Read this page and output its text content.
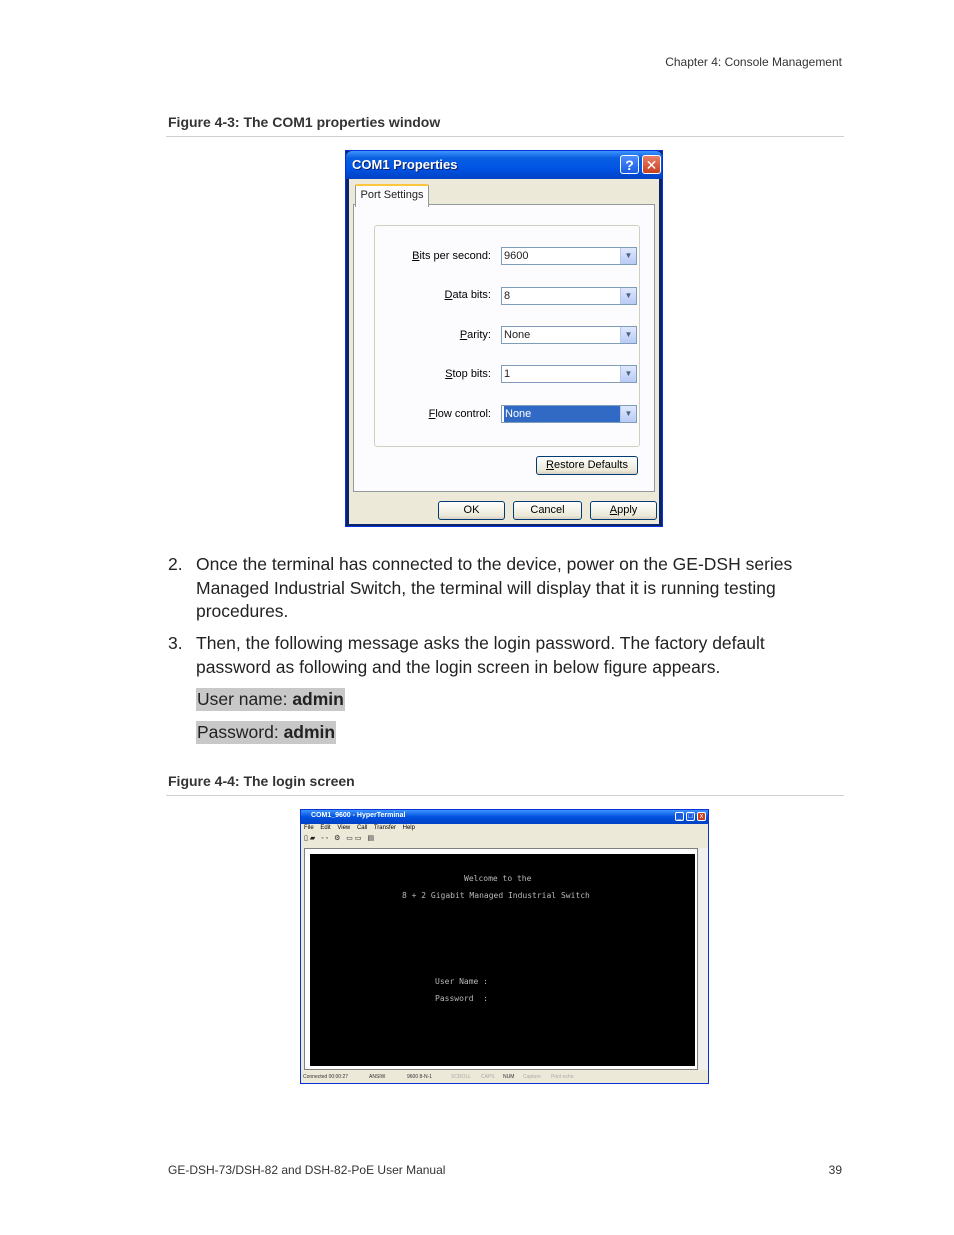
Chapter 4: Console Management
Figure 4-3: The COM1 properties window
COM1 Properties	? ✕
Port Settings
Bits per second: 9600	▼
Data bits: 8	▼
Parity: None	▼
Stop bits: 1	▼
Flow control: None	▼
Restore Defaults
OK	Cancel	Apply
2. Once the terminal has connected to the device, power on the GE-DSH series Managed Industrial Switch, the terminal will display that it is running testing procedures.
3. Then, the following message asks the login password. The factory default password as following and the login screen in below figure appears.
User name: admin
Password: admin
Figure 4-4: The login screen
COM1_9600 - HyperTerminal	_ □	x
File Edit View Call Transfer Help
▯▰ ◦◦ ⚙ ▭▭ ▤
Welcome to the
8 + 2 Gigabit Managed Industrial Switch
User Name :
Password  :
Connected 00:00:27	ANSIW	9600 8-N-1	SCROLL CAPS NUM Capture Print echo
GE-DSH-73/DSH-82 and DSH-82-PoE User Manual	39
